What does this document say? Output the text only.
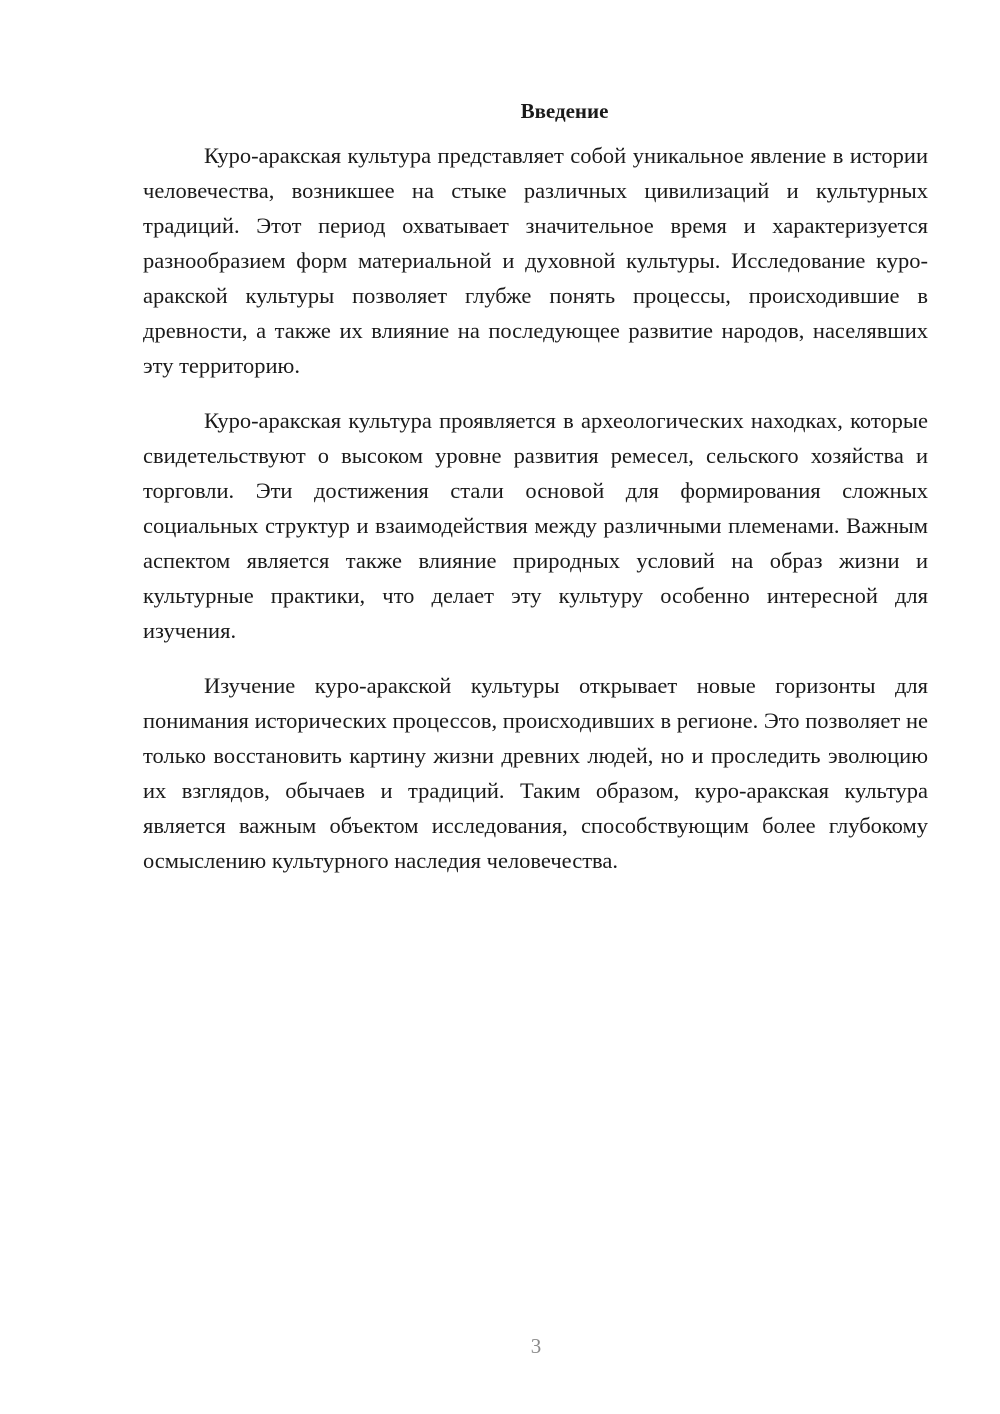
Введение

Куро-аракская культура представляет собой уникальное явление в истории человечества, возникшее на стыке различных цивилизаций и культурных традиций. Этот период охватывает значительное время и характеризуется разнообразием форм материальной и духовной культуры. Исследование куро-аракской культуры позволяет глубже понять процессы, происходившие в древности, а также их влияние на последующее развитие народов, населявших эту территорию.

Куро-аракская культура проявляется в археологических находках, которые свидетельствуют о высоком уровне развития ремесел, сельского хозяйства и торговли. Эти достижения стали основой для формирования сложных социальных структур и взаимодействия между различными племенами. Важным аспектом является также влияние природных условий на образ жизни и культурные практики, что делает эту культуру особенно интересной для изучения.

Изучение куро-аракской культуры открывает новые горизонты для понимания исторических процессов, происходивших в регионе. Это позволяет не только восстановить картину жизни древних людей, но и проследить эволюцию их взглядов, обычаев и традиций. Таким образом, куро-аракская культура является важным объектом исследования, способствующим более глубокому осмыслению культурного наследия человечества.

3
